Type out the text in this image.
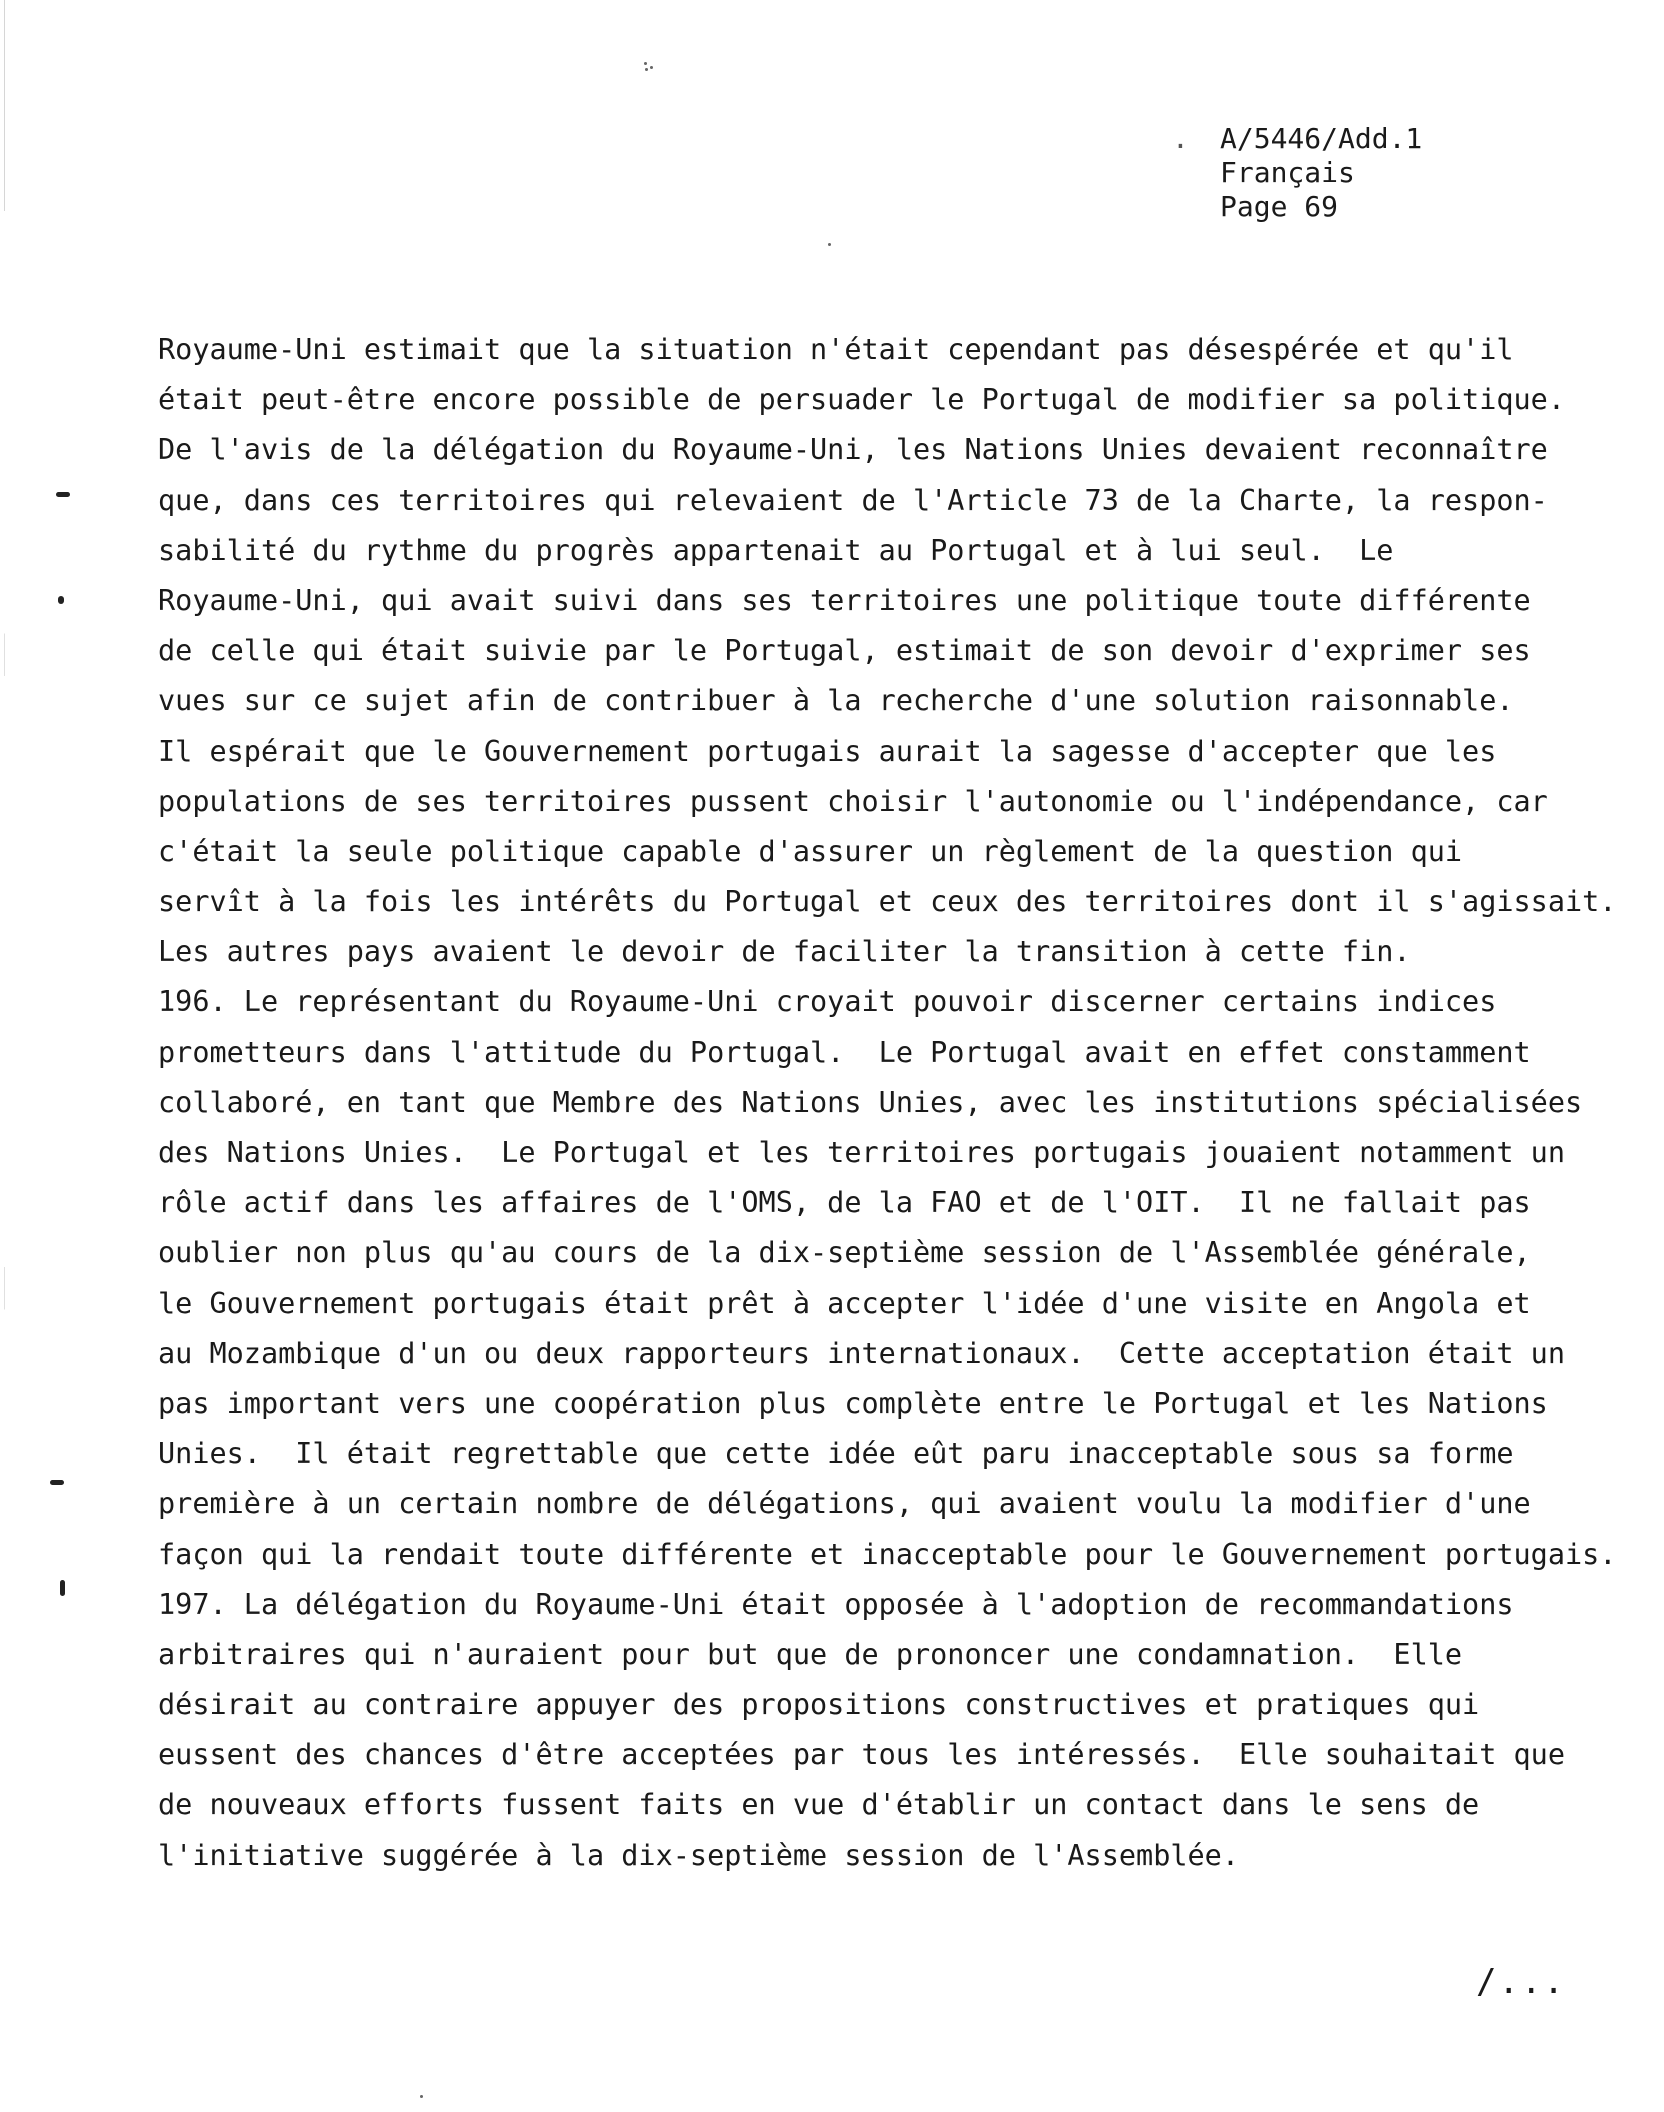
. A/5446/Add.1
Français
Page 69
Royaume-Uni estimait que la situation n'était cependant pas désespérée et qu'il
était peut-être encore possible de persuader le Portugal de modifier sa politique.
De l'avis de la délégation du Royaume-Uni, les Nations Unies devaient reconnaître
que, dans ces territoires qui relevaient de l'Article 73 de la Charte, la respon-
sabilité du rythme du progrès appartenait au Portugal et à lui seul.  Le
Royaume-Uni, qui avait suivi dans ses territoires une politique toute différente
de celle qui était suivie par le Portugal, estimait de son devoir d'exprimer ses
vues sur ce sujet afin de contribuer à la recherche d'une solution raisonnable.
Il espérait que le Gouvernement portugais aurait la sagesse d'accepter que les
populations de ses territoires pussent choisir l'autonomie ou l'indépendance, car
c'était la seule politique capable d'assurer un règlement de la question qui
servît à la fois les intérêts du Portugal et ceux des territoires dont il s'agissait.
Les autres pays avaient le devoir de faciliter la transition à cette fin.
196. Le représentant du Royaume-Uni croyait pouvoir discerner certains indices
prometteurs dans l'attitude du Portugal.  Le Portugal avait en effet constamment
collaboré, en tant que Membre des Nations Unies, avec les institutions spécialisées
des Nations Unies.  Le Portugal et les territoires portugais jouaient notamment un
rôle actif dans les affaires de l'OMS, de la FAO et de l'OIT.  Il ne fallait pas
oublier non plus qu'au cours de la dix-septième session de l'Assemblée générale,
le Gouvernement portugais était prêt à accepter l'idée d'une visite en Angola et
au Mozambique d'un ou deux rapporteurs internationaux.  Cette acceptation était un
pas important vers une coopération plus complète entre le Portugal et les Nations
Unies.  Il était regrettable que cette idée eût paru inacceptable sous sa forme
première à un certain nombre de délégations, qui avaient voulu la modifier d'une
façon qui la rendait toute différente et inacceptable pour le Gouvernement portugais.
197. La délégation du Royaume-Uni était opposée à l'adoption de recommandations
arbitraires qui n'auraient pour but que de prononcer une condamnation.  Elle
désirait au contraire appuyer des propositions constructives et pratiques qui
eussent des chances d'être acceptées par tous les intéressés.  Elle souhaitait que
de nouveaux efforts fussent faits en vue d'établir un contact dans le sens de
l'initiative suggérée à la dix-septième session de l'Assemblée.
/...
